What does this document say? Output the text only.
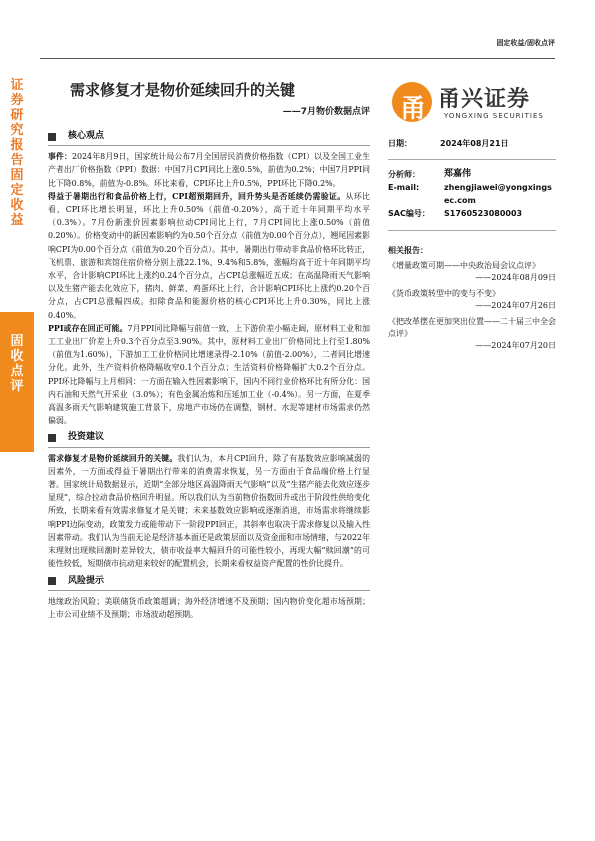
证券研究报告 固定收益
固收点评
固定收益/固收点评
需求修复才是物价延续回升的关键
——7月物价数据点评 甬 甬兴证券
YONGXING SECURITIES
核心观点

事件：2024年8月9日，国家统计局公布7月全国居民消费价格指数（CPI）以及全国工业生产者出厂价格指数（PPI）数据：中国7月CPI同比上涨0.5%，前值为0.2%；中国7月PPI同比下降0.8%，前值为-0.8%。环比来看，CPI环比上升0.5%，PPI环比下降0.2%。

得益于暑期出行和食品价格上行，CPI超预期回升，回升势头是否延续仍需验证。从环比看，CPI环比增长明显，环比上升0.50%（前值-0.20%），高于近十年同期平均水平（0.3%）。7月份新涨价因素影响拉动CPI同比上行，7月CPI同比上涨0.50%（前值0.20%）。价格变动中的新因素影响约为0.50个百分点（前值为0.00个百分点），翘尾因素影响CPI为0.00个百分点（前值为0.20个百分点）。其中，暑期出行带动非食品价格环比转正，飞机票、旅游和宾馆住宿价格分别上涨22.1%、9.4%和5.8%，涨幅均高于近十年同期平均水平，合计影响CPI环比上涨约0.24个百分点，占CPI总涨幅近五成；在高温降雨天气影响以及生猪产能去化效应下，猪肉、鲜菜、鸡蛋环比上行，合计影响CPI环比上涨约0.20个百分点，占CPI总涨幅四成。扣除食品和能源价格的核心CPI环比上升0.30%，同比上涨0.40%。

PPI或存在回正可能。7月PPI同比降幅与前值一致，上下游价差小幅走阔，原材料工业和加工工业出厂价差上升0.3个百分点至3.90%。其中，原材料工业出厂价格同比上行至1.80%（前值为1.60%），下游加工工业价格同比增速录得-2.10%（前值-2.00%），二者同比增速分化。此外，生产资料价格降幅收窄0.1个百分点；生活资料价格降幅扩大0.2个百分点。PPI环比降幅与上月相同：一方面在输入性因素影响下，国内不同行业价格环比有所分化：国内石油和天然气开采业（3.0%）；有色金属冶炼和压延加工业（-0.4%）。另一方面，在夏季高温多雨天气影响建筑施工背景下，房地产市场仍在调整，钢材、水泥等建材市场需求仍然偏弱。

投资建议

需求修复才是物价延续回升的关键。我们认为，本月CPI回升，除了有基数效应影响减弱的因素外，一方面或得益于暑期出行带来的消费需求恢复，另一方面由于食品端价格上行显著。国家统计局数据显示，近期“全部分地区高温降雨天气影响”以及“生猪产能去化效应逐步显现”，综合拉动食品价格回升明显。所以我们认为当前物价指数回升或出于阶段性供给变化所致，长期来看有效需求修复才是关键；未来基数效应影响或逐渐消退，市场需求将继续影响PPI边际变动，政策发力或能带动下一阶段PPI回正，其斜率也取决于需求修复以及输入性因素带动。我们认为当前无论是经济基本面还是政策层面以及资金面和市场情绪，与2022年末理财出现赎回潮时差异较大，债市收益率大幅回升的可能性较小，再现大幅“赎回潮”的可能性较低，短期债市抗动迎来较好的配置机会，长期来看权益资产配置的性价比提升。

风险提示

地缘政治风险；美联储货币政策超调；海外经济增速不及预期；国内物价变化超市场预期；上市公司业绩不及预期；市场波动超预期。

日期：	2024年08月21日
分析师：	郑嘉伟
E-mail:	zhengjiawei@yongxingsec.com
SAC编号：	S1760523080003
相关报告：
《增量政策可期——中央政治局会议点评》
——2024年08月09日
《货币政策转型中的变与不变》
——2024年07月26日
《把改革摆在更加突出位置——二十届三中全会点评》
——2024年07月20日
